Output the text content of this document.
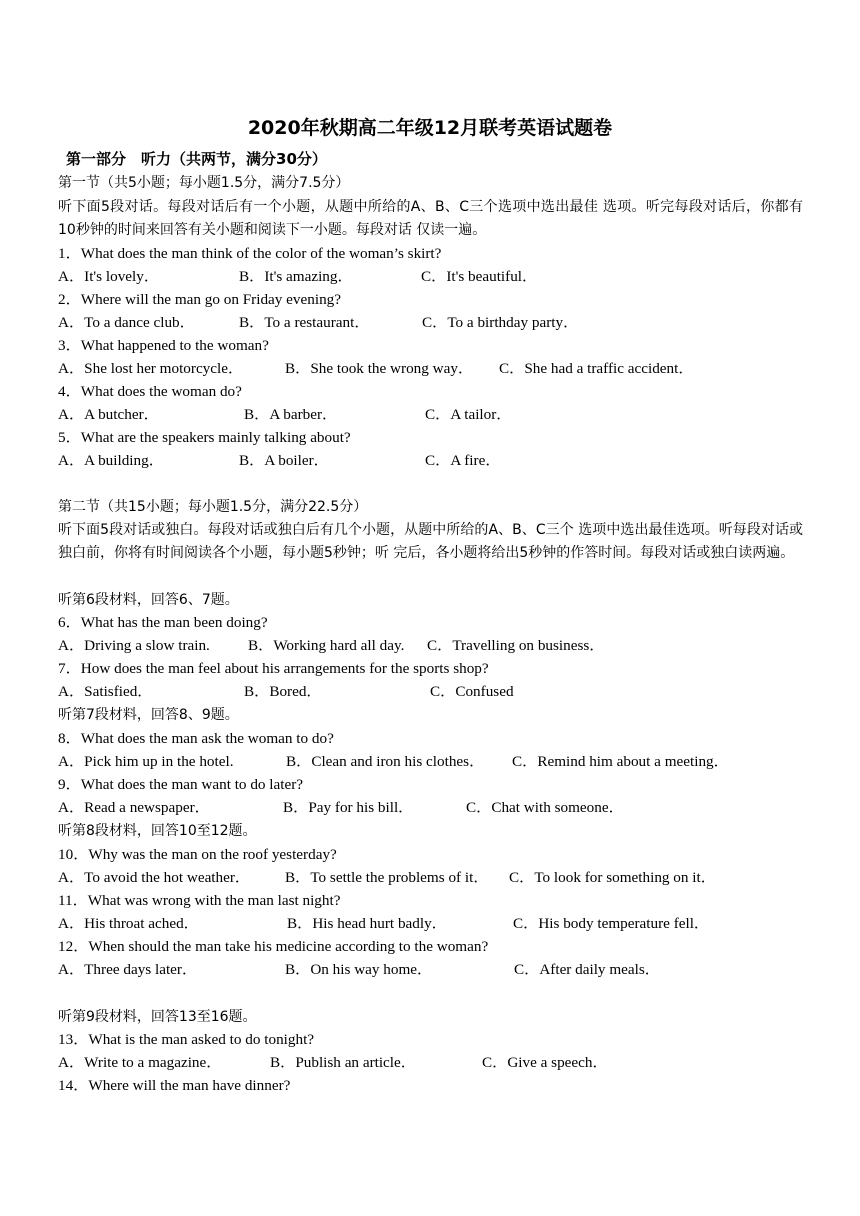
2020年秋期高二年级12月联考英语试题卷
第一部分　听力（共两节，满分30分）
第一节（共5小题；每小题1.5分，满分7.5分）
听下面5段对话。每段对话后有一个小题，从题中所给的A、B、C三个选项中选出最佳 选项。听完每段对话后，你都有10秒钟的时间来回答有关小题和阅读下一小题。每段对话 仅读一遍。
1．What does the man think of the color of the woman’s skirt?
A．It's lovely．	B．It's amazing．	C．It's beautiful．
2．Where will the man go on Friday evening?
A．To a dance club．	B．To a restaurant．	C．To a birthday party．
3．What happened to the woman?
A．She lost her motorcycle．	B．She took the wrong way． C．She had a traffic accident．
4．What does the woman do?
A．A butcher．	B．A barber．	C．A tailor．
5．What are the speakers mainly talking about?
A．A building．	B．A boiler．	C．A fire．
第二节（共15小题；每小题1.5分，满分22.5分）
听下面5段对话或独白。每段对话或独白后有几个小题，从题中所给的A、B、C三个 选项中选出最佳选项。听每段对话或独白前，你将有时间阅读各个小题，每小题5秒钟；听 完后，各小题将给出5秒钟的作答时间。每段对话或独白读两遍。
听第6段材料，回答6、7题。
6．What has the man been doing?
A．Driving a slow train.	B．Working hard all day. C．Travelling on business．
7．How does the man feel about his arrangements for the sports shop?
A．Satisfied．	B．Bored．	C．Confused
听第7段材料，回答8、9题。
8．What does the man ask the woman to do?
A．Pick him up in the hotel.	B．Clean and iron his clothes． C．Remind him about a meeting．
9．What does the man want to do later?
A．Read a newspaper．	B．Pay for his bill．	C．Chat with someone．
听第8段材料，回答10至12题。
10．Why was the man on the roof yesterday?
A．To avoid the hot weather． B．To settle the problems of it． C．To look for something on it．
11．What was wrong with the man last night?
A．His throat ached．	B．His head hurt badly．	C．His body temperature fell．
12．When should the man take his medicine according to the woman?
A．Three days later．	B．On his way home．	C．After daily meals．
听第9段材料，回答13至16题。
13．What is the man asked to do tonight?
A．Write to a magazine．	B．Publish an article．	C．Give a speech．
14．Where will the man have dinner?
